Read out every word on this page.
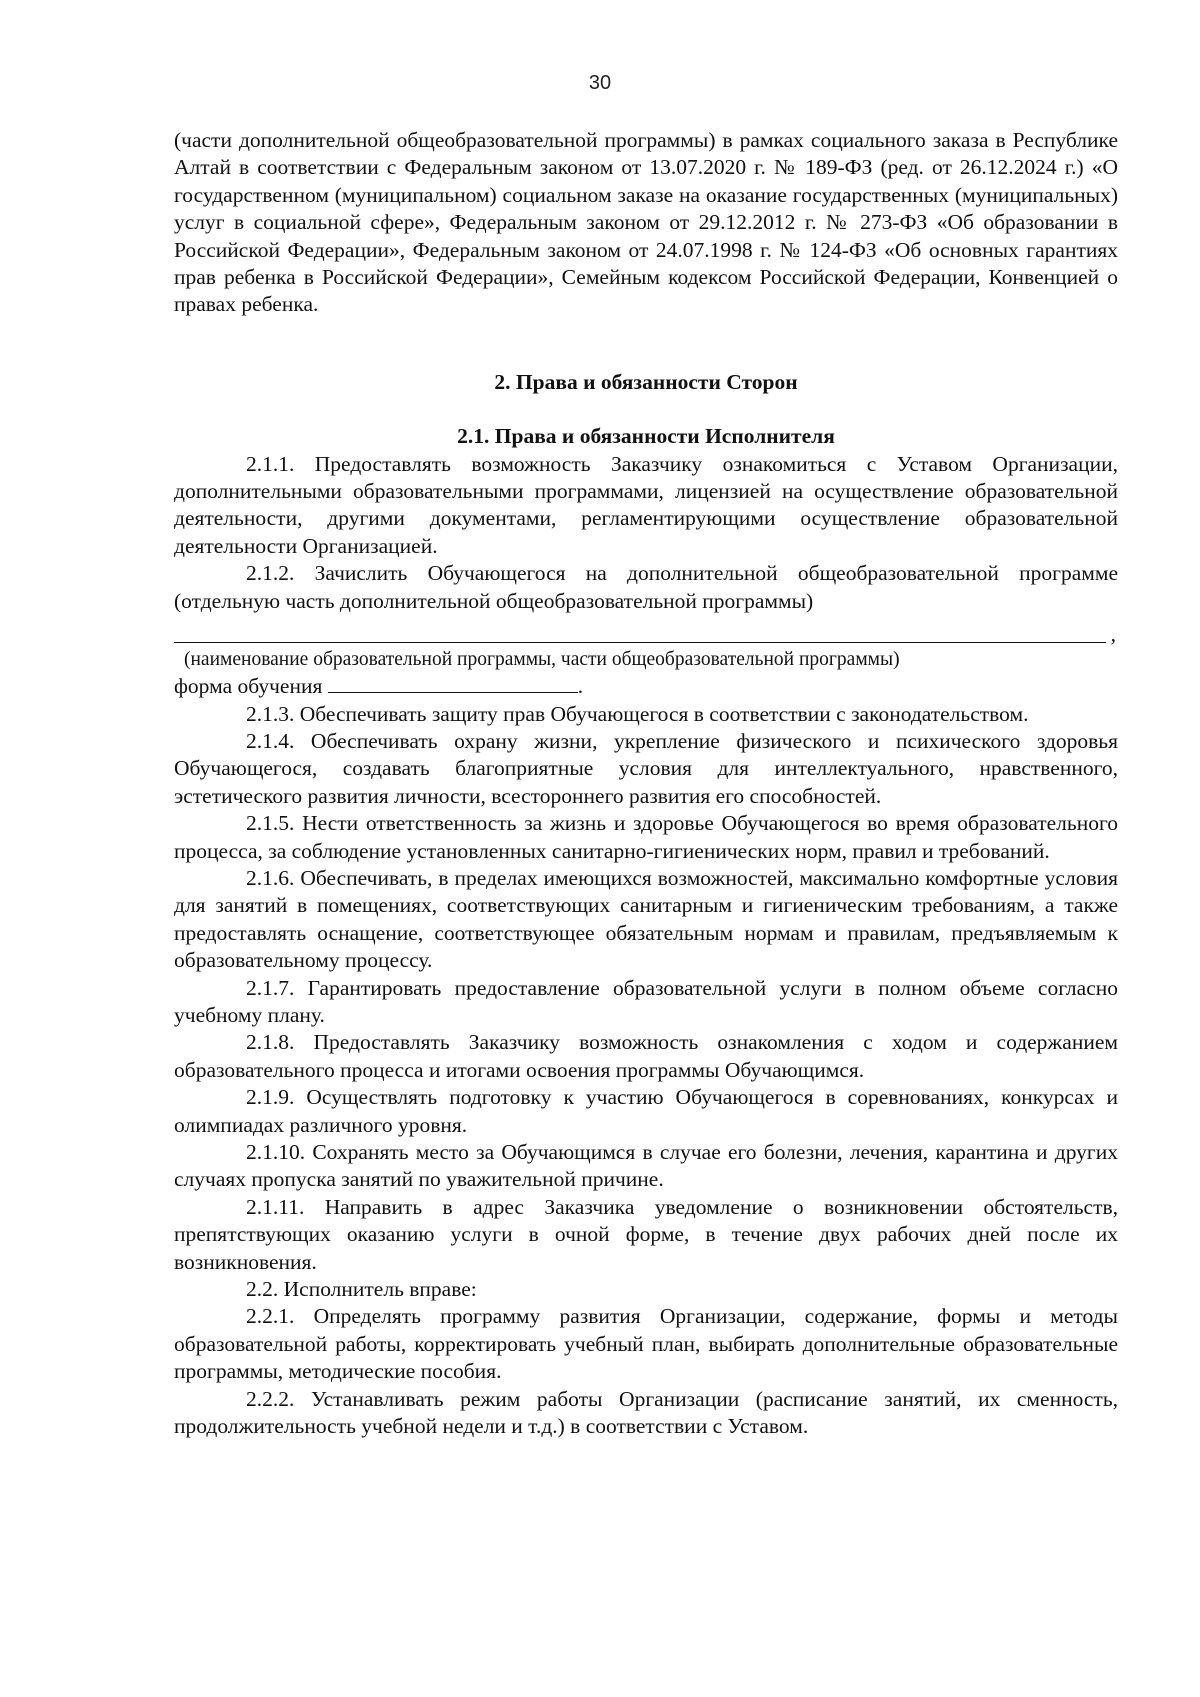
30

(части дополнительной общеобразовательной программы) в рамках социального заказа в Республике Алтай в соответствии с Федеральным законом от 13.07.2020 г. № 189-ФЗ (ред. от 26.12.2024 г.) «О государственном (муниципальном) социальном заказе на оказание государственных (муниципальных) услуг в социальной сфере», Федеральным законом от 29.12.2012 г. № 273-ФЗ «Об образовании в Российской Федерации», Федеральным законом от 24.07.1998 г. № 124-ФЗ «Об основных гарантиях прав ребенка в Российской Федерации», Семейным кодексом Российской Федерации, Конвенцией о правах ребенка.

2. Права и обязанности Сторон
2.1. Права и обязанности Исполнителя

2.1.1. Предоставлять возможность Заказчику ознакомиться с Уставом Организации, дополнительными образовательными программами, лицензией на осуществление образовательной деятельности, другими документами, регламентирующими осуществление образовательной деятельности Организацией.

2.1.2. Зачислить Обучающегося на дополнительной общеобразовательной программе (отдельную часть дополнительной общеобразовательной программы)

,
(наименование образовательной программы, части общеобразовательной программы)
форма обучения	.

2.1.3. Обеспечивать защиту прав Обучающегося в соответствии с законодательством.

2.1.4. Обеспечивать охрану жизни, укрепление физического и психического здоровья Обучающегося, создавать благоприятные условия для интеллектуального, нравственного, эстетического развития личности, всестороннего развития его способностей.

2.1.5. Нести ответственность за жизнь и здоровье Обучающегося во время образовательного процесса, за соблюдение установленных санитарно-гигиенических норм, правил и требований.

2.1.6. Обеспечивать, в пределах имеющихся возможностей, максимально комфортные условия для занятий в помещениях, соответствующих санитарным и гигиеническим требованиям, а также предоставлять оснащение, соответствующее обязательным нормам и правилам, предъявляемым к образовательному процессу.

2.1.7. Гарантировать предоставление образовательной услуги в полном объеме согласно учебному плану.

2.1.8. Предоставлять Заказчику возможность ознакомления с ходом и содержанием образовательного процесса и итогами освоения программы Обучающимся.

2.1.9. Осуществлять подготовку к участию Обучающегося в соревнованиях, конкурсах и олимпиадах различного уровня.

2.1.10. Сохранять место за Обучающимся в случае его болезни, лечения, карантина и других случаях пропуска занятий по уважительной причине.

2.1.11. Направить в адрес Заказчика уведомление о возникновении обстоятельств, препятствующих оказанию услуги в очной форме, в течение двух рабочих дней после их возникновения.

2.2. Исполнитель вправе:

2.2.1. Определять программу развития Организации, содержание, формы и методы образовательной работы, корректировать учебный план, выбирать дополнительные образовательные программы, методические пособия.

2.2.2. Устанавливать режим работы Организации (расписание занятий, их сменность, продолжительность учебной недели и т.д.) в соответствии с Уставом.
